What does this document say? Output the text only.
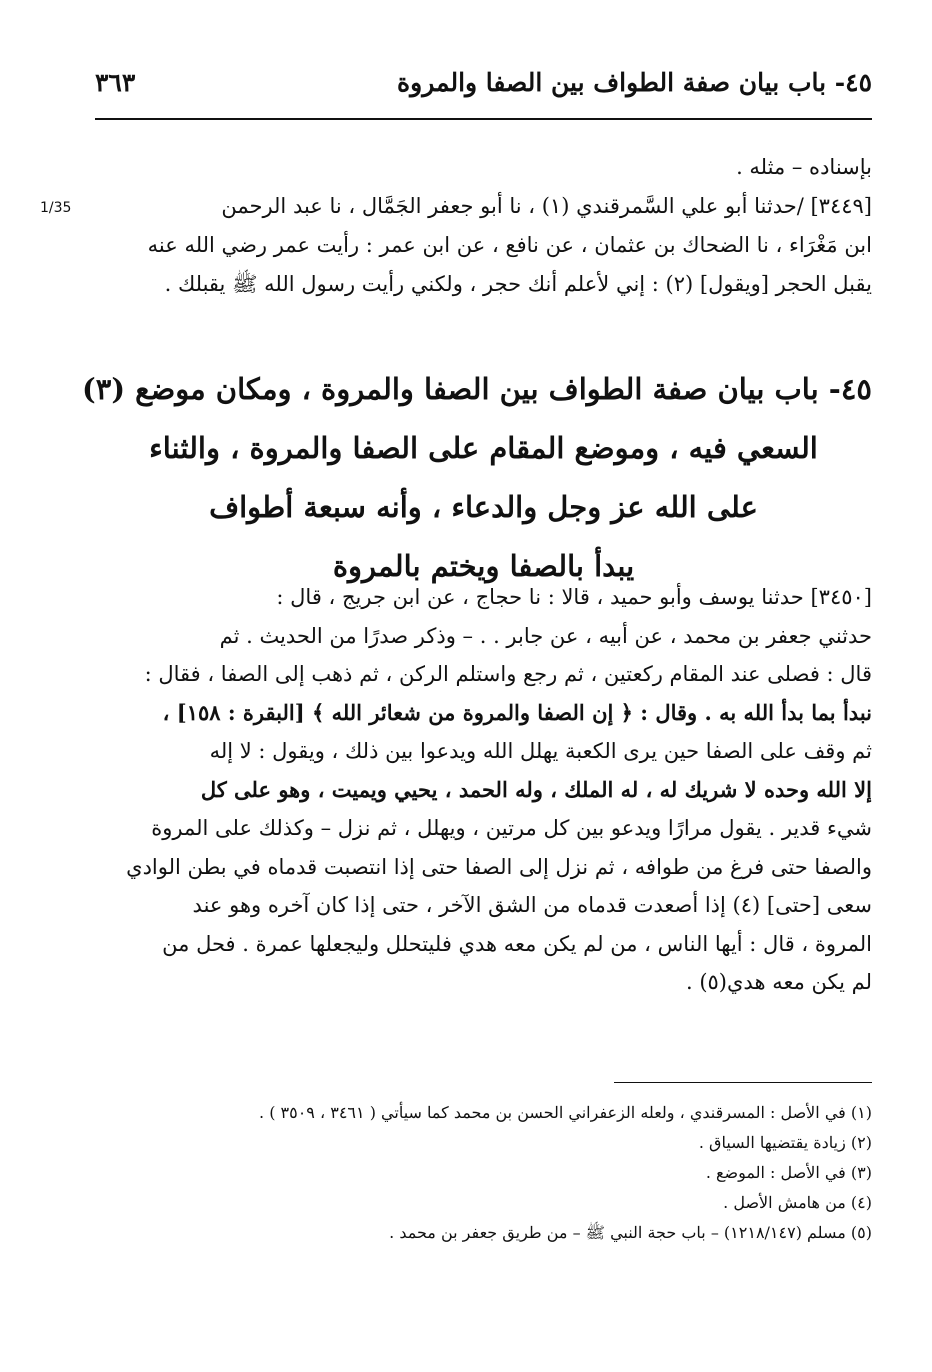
٤٥- باب بيان صفة الطواف بين الصفا والمروة
٣٦٣
1/35
بإسناده – مثله .
[٣٤٤٩] /حدثنا أبو علي السَّمرقندي (١) ، نا أبو جعفر الجَمَّال ، نا عبد الرحمن
ابن مَغْرَاء ، نا الضحاك بن عثمان ، عن نافع ، عن ابن عمر : رأيت عمر رضي الله عنه
يقبل الحجر [ويقول] (٢) : إني لأعلم أنك حجر ، ولكني رأيت رسول الله ﷺ يقبلك .
٤٥- باب بيان صفة الطواف بين الصفا والمروة ، ومكان موضع (٣)
السعي فيه ، وموضع المقام على الصفا والمروة ، والثناء
على الله عز وجل والدعاء ، وأنه سبعة أطواف
يبدأ بالصفا ويختم بالمروة
[٣٤٥٠] حدثنا يوسف وأبو حميد ، قالا : نا حجاج ، عن ابن جريج ، قال :
حدثني جعفر بن محمد ، عن أبيه ، عن جابر . . – وذكر صدرًا من الحديث . ثم
قال : فصلى عند المقام ركعتين ، ثم رجع واستلم الركن ، ثم ذهب إلى الصفا ، فقال :
نبدأ بما بدأ الله به . وقال : ﴿ إن الصفا والمروة من شعائر الله ﴾ [البقرة : ١٥٨] ،
ثم وقف على الصفا حين يرى الكعبة يهلل الله ويدعوا بين ذلك ، ويقول : لا إله
إلا الله وحده لا شريك له ، له الملك ، وله الحمد ، يحيي ويميت ، وهو على كل
شيء قدير . يقول مرارًا ويدعو بين كل مرتين ، ويهلل ، ثم نزل – وكذلك على المروة
والصفا حتى فرغ من طوافه ، ثم نزل إلى الصفا حتى إذا انتصبت قدماه في بطن الوادي
سعى [حتى] (٤) إذا أصعدت قدماه من الشق الآخر ، حتى إذا كان آخره وهو عند
المروة ، قال : أيها الناس ، من لم يكن معه هدي فليتحلل وليجعلها عمرة . فحل من
لم يكن معه هدي(٥) .
(١) في الأصل : المسرقندي ، ولعله الزعفراني الحسن بن محمد كما سيأتي ( ٣٤٦١ ، ٣٥٠٩ ) .
(٢) زيادة يقتضيها السياق .
(٣) في الأصل : الموضع .
(٤) من هامش الأصل .
(٥) مسلم (١٢١٨/١٤٧) – باب حجة النبي ﷺ – من طريق جعفر بن محمد .
